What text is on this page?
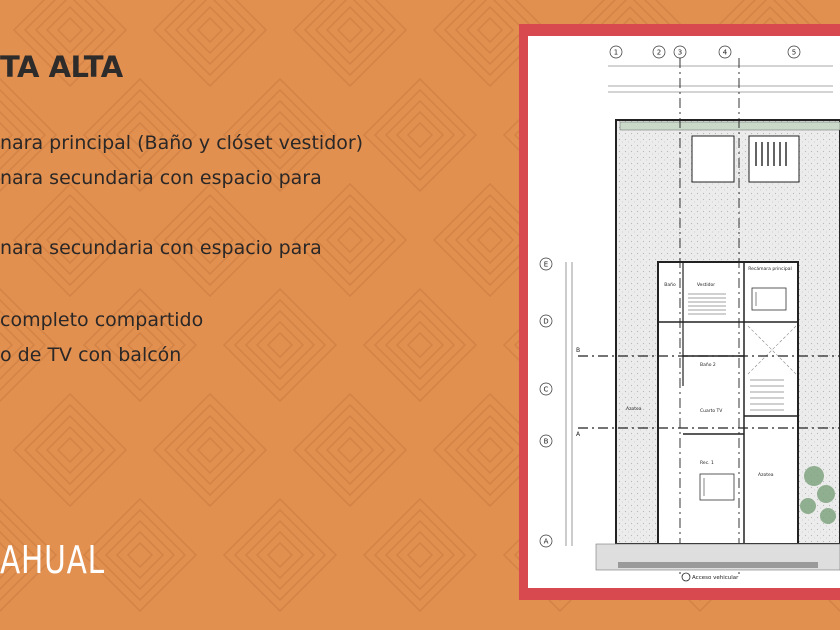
TA ALTA
nara principal (Baño y clóset vestidor)
nara secundaria con espacio para
nara secundaria con espacio para
completo compartido
o de TV con balcón
AHUAL
1	2 3	4	5
E
D
C
B
A
B
A
Recámara principal
Vestidor
Baño
Baño 2
Cuarto TV
Rec. 1
Azotea
Azotea
Acceso vehicular
